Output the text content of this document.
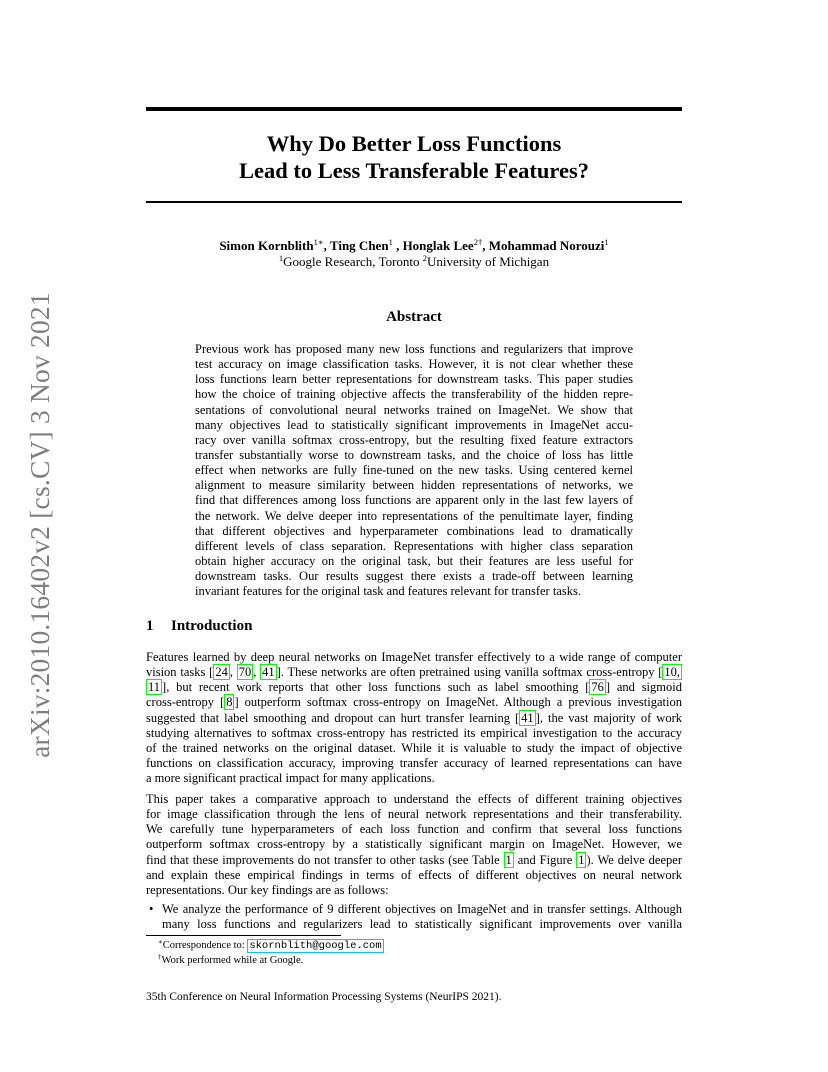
arXiv:2010.16402v2 [cs.CV] 3 Nov 2021
Why Do Better Loss Functions
Lead to Less Transferable Features?
Simon Kornblith$^{1∗}$, Ting Chen$^1$ , Honglak Lee$^{2\dagger}$, Mohammad Norouzi$^1$
$^1$Google Research, Toronto $^2$University of Michigan
Abstract
Previous work has proposed many new loss functions and regularizers that improve
test accuracy on image classification tasks. However, it is not clear whether these
loss functions learn better representations for downstream tasks. This paper studies
how the choice of training objective affects the transferability of the hidden repre-
sentations of convolutional neural networks trained on ImageNet. We show that
many objectives lead to statistically significant improvements in ImageNet accu-
racy over vanilla softmax cross-entropy, but the resulting fixed feature extractors
transfer substantially worse to downstream tasks, and the choice of loss has little
effect when networks are fully fine-tuned on the new tasks. Using centered kernel
alignment to measure similarity between hidden representations of networks, we
find that differences among loss functions are apparent only in the last few layers of
the network. We delve deeper into representations of the penultimate layer, finding
that different objectives and hyperparameter combinations lead to dramatically
different levels of class separation. Representations with higher class separation
obtain higher accuracy on the original task, but their features are less useful for
downstream tasks. Our results suggest there exists a trade-off between learning
invariant features for the original task and features relevant for transfer tasks.
1 Introduction
Features learned by deep neural networks on ImageNet transfer effectively to a wide range of computer
vision tasks [ 24 , 70 , 41 ]. These networks are often pretrained using vanilla softmax cross-entropy [ 10,
11 ], but recent work reports that other loss functions such as label smoothing [ 76 ] and sigmoid
cross-entropy [ 8 ] outperform softmax cross-entropy on ImageNet. Although a previous investigation
suggested that label smoothing and dropout can hurt transfer learning [ 41 ], the vast majority of work
studying alternatives to softmax cross-entropy has restricted its empirical investigation to the accuracy
of the trained networks on the original dataset. While it is valuable to study the impact of objective
functions on classification accuracy, improving transfer accuracy of learned representations can have
a more significant practical impact for many applications.
This paper takes a comparative approach to understand the effects of different training objectives
for image classification through the lens of neural network representations and their transferability.
We carefully tune hyperparameters of each loss function and confirm that several loss functions
outperform softmax cross-entropy by a statistically significant margin on ImageNet. However, we
find that these improvements do not transfer to other tasks (see Table 1 and Figure 1 ). We delve deeper
and explain these empirical findings in terms of effects of different objectives on neural network
representations. Our key findings are as follows:
• We analyze the performance of 9 different objectives on ImageNet and in transfer settings. Although
many loss functions and regularizers lead to statistically significant improvements over vanilla
∗Correspondence to: skornblith@google.com
†Work performed while at Google.
35th Conference on Neural Information Processing Systems (NeurIPS 2021).
